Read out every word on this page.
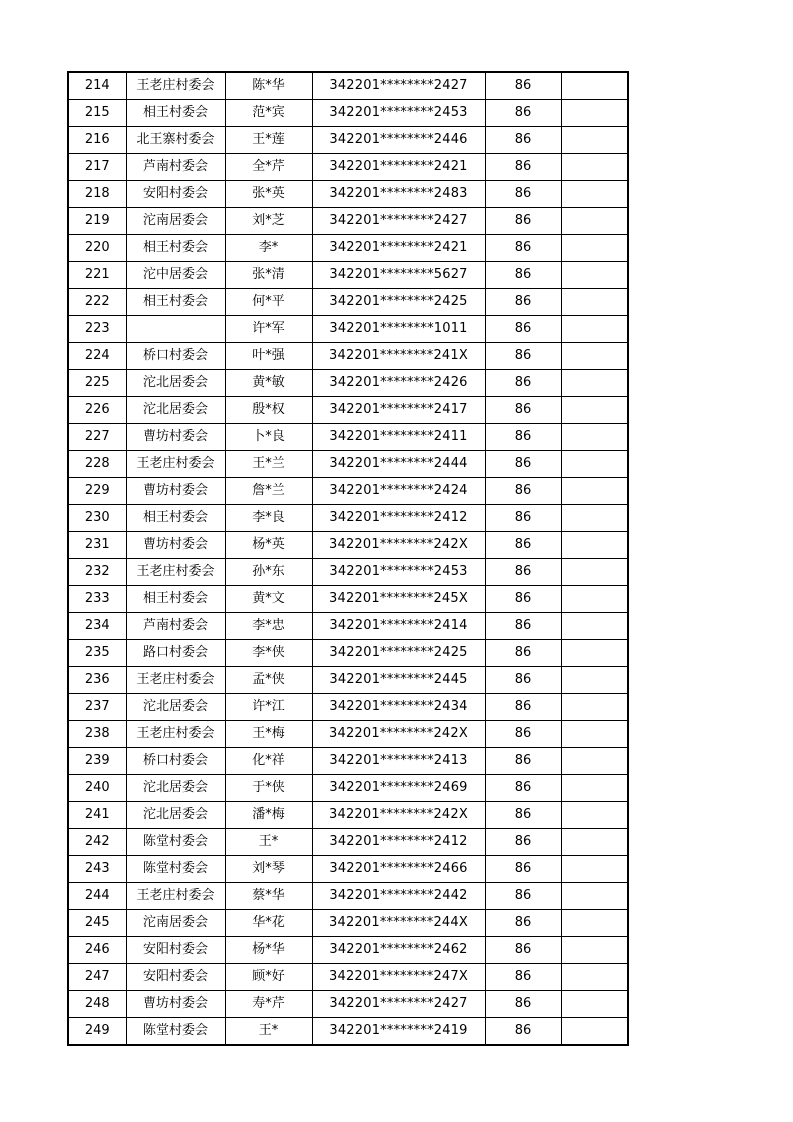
214	王老庄村委会	陈*华	342201********2427	86	
215	相王村委会	范*宾	342201********2453	86	
216	北王寨村委会	王*莲	342201********2446	86	
217	芦南村委会	全*芹	342201********2421	86	
218	安阳村委会	张*英	342201********2483	86	
219	沱南居委会	刘*芝	342201********2427	86	
220	相王村委会	李*	342201********2421	86	
221	沱中居委会	张*清	342201********5627	86	
222	相王村委会	何*平	342201********2425	86	
223		许*军	342201********1011	86	
224	桥口村委会	叶*强	342201********241X	86	
225	沱北居委会	黄*敏	342201********2426	86	
226	沱北居委会	殷*权	342201********2417	86	
227	曹坊村委会	卜*良	342201********2411	86	
228	王老庄村委会	王*兰	342201********2444	86	
229	曹坊村委会	詹*兰	342201********2424	86	
230	相王村委会	李*良	342201********2412	86	
231	曹坊村委会	杨*英	342201********242X	86	
232	王老庄村委会	孙*东	342201********2453	86	
233	相王村委会	黄*文	342201********245X	86	
234	芦南村委会	李*忠	342201********2414	86	
235	路口村委会	李*侠	342201********2425	86	
236	王老庄村委会	孟*侠	342201********2445	86	
237	沱北居委会	许*江	342201********2434	86	
238	王老庄村委会	王*梅	342201********242X	86	
239	桥口村委会	化*祥	342201********2413	86	
240	沱北居委会	于*侠	342201********2469	86	
241	沱北居委会	潘*梅	342201********242X	86	
242	陈堂村委会	王*	342201********2412	86	
243	陈堂村委会	刘*琴	342201********2466	86	
244	王老庄村委会	蔡*华	342201********2442	86	
245	沱南居委会	华*花	342201********244X	86	
246	安阳村委会	杨*华	342201********2462	86	
247	安阳村委会	顾*好	342201********247X	86	
248	曹坊村委会	寿*芹	342201********2427	86	
249	陈堂村委会	王*	342201********2419	86	
